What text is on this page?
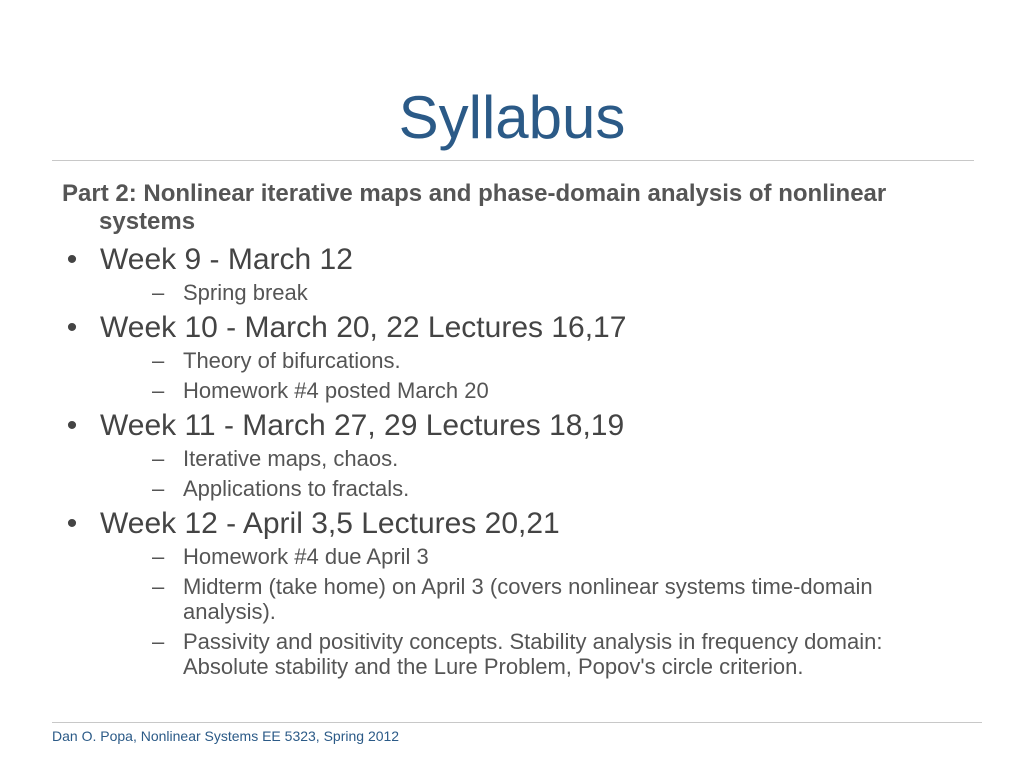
Syllabus
Part 2: Nonlinear iterative maps and phase-domain analysis of nonlinear systems
• Week 9 - March 12
– Spring break
• Week 10 - March 20, 22 Lectures 16,17
– Theory of bifurcations.
– Homework #4 posted March 20
• Week 11 - March 27, 29 Lectures 18,19
– Iterative maps, chaos.
– Applications to fractals.
• Week 12 - April 3,5 Lectures 20,21
– Homework #4 due April 3
– Midterm (take home) on April 3 (covers nonlinear systems time-domain analysis).
– Passivity and positivity concepts. Stability analysis in frequency domain: Absolute stability and the Lure Problem, Popov's circle criterion.
Dan O. Popa, Nonlinear Systems EE 5323, Spring 2012
